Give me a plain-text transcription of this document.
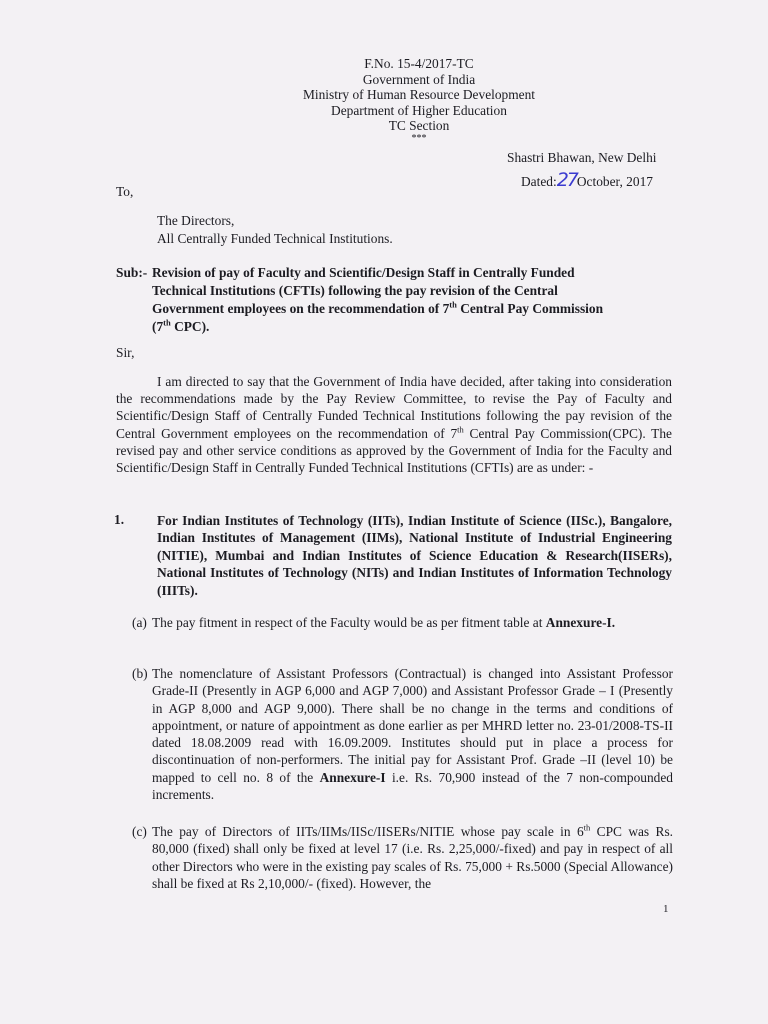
F.No. 15-4/2017-TC
Government of India
Ministry of Human Resource Development
Department of Higher Education
TC Section
***
Shastri Bhawan, New Delhi
Dated:27October, 2017
To,
The Directors,
All Centrally Funded Technical Institutions.
Sub:- Revision of pay of Faculty and Scientific/Design Staff in Centrally Funded
Technical Institutions (CFTIs) following the pay revision of the Central
Government employees on the recommendation of 7th Central Pay Commission
(7th CPC).
Sir,
I am directed to say that the Government of India have decided, after taking into consideration the recommendations made by the Pay Review Committee, to revise the Pay of Faculty and Scientific/Design Staff of Centrally Funded Technical Institutions following the pay revision of the Central Government employees on the recommendation of 7th Central Pay Commission(CPC). The revised pay and other service conditions as approved by the Government of India for the Faculty and Scientific/Design Staff in Centrally Funded Technical Institutions (CFTIs) are as under: -
1. For Indian Institutes of Technology (IITs), Indian Institute of Science (IISc.), Bangalore, Indian Institutes of Management (IIMs), National Institute of Industrial Engineering (NITIE), Mumbai and Indian Institutes of Science Education & Research(IISERs), National Institutes of Technology (NITs) and Indian Institutes of Information Technology (IIITs).
(a) The pay fitment in respect of the Faculty would be as per fitment table at Annexure-I.
(b) The nomenclature of Assistant Professors (Contractual) is changed into Assistant Professor Grade-II (Presently in AGP 6,000 and AGP 7,000) and Assistant Professor Grade – I (Presently in AGP 8,000 and AGP 9,000). There shall be no change in the terms and conditions of appointment, or nature of appointment as done earlier as per MHRD letter no. 23-01/2008-TS-II dated 18.08.2009 read with 16.09.2009. Institutes should put in place a process for discontinuation of non-performers. The initial pay for Assistant Prof. Grade –II (level 10) be mapped to cell no. 8 of the Annexure-I i.e. Rs. 70,900 instead of the 7 non-compounded increments.
(c) The pay of Directors of IITs/IIMs/IISc/IISERs/NITIE whose pay scale in 6th CPC was Rs. 80,000 (fixed) shall only be fixed at level 17 (i.e. Rs. 2,25,000/-fixed) and pay in respect of all other Directors who were in the existing pay scales of Rs. 75,000 + Rs.5000 (Special Allowance) shall be fixed at Rs 2,10,000/- (fixed). However, the
1
